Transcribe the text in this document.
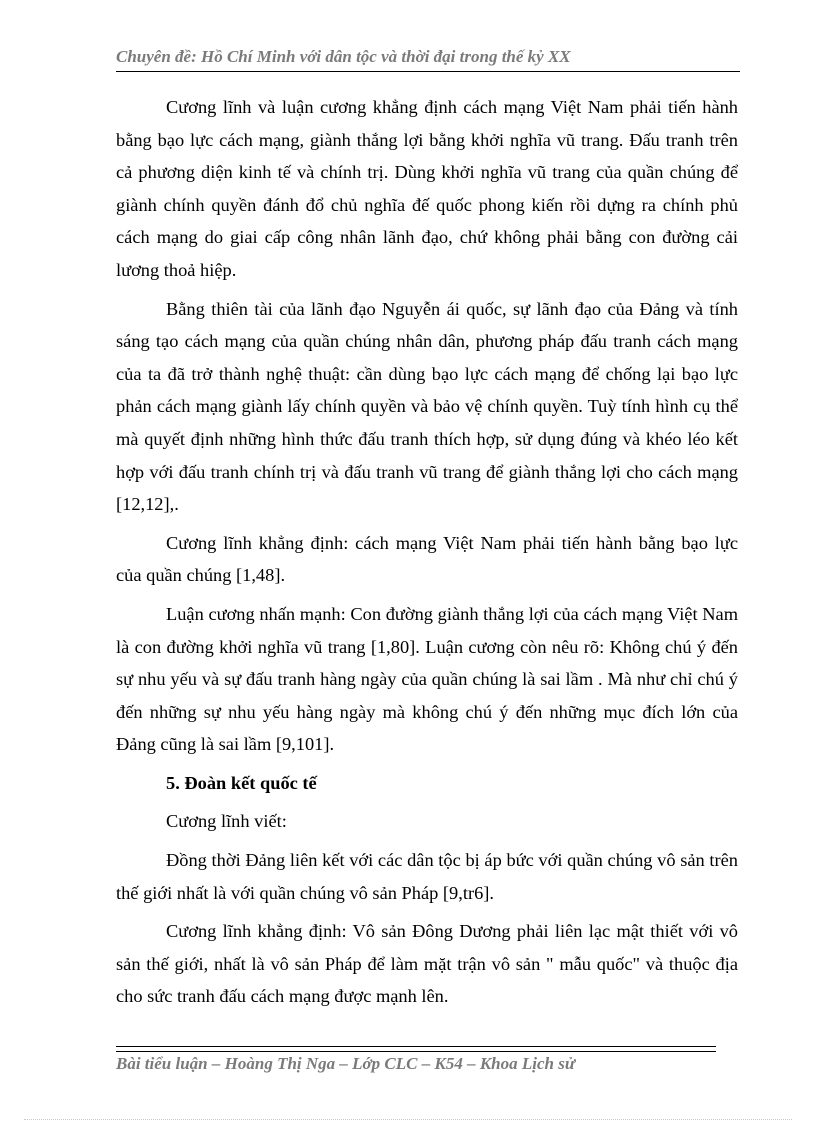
Chuyên đề: Hồ Chí Minh với dân tộc và thời đại trong thế kỷ XX

Cương lĩnh và luận cương khẳng định cách mạng Việt Nam phải tiến hành bằng bạo lực cách mạng, giành thắng lợi bằng khởi nghĩa vũ trang. Đấu tranh trên cả phương diện kinh tế và chính trị. Dùng khởi nghĩa vũ trang của quần chúng để giành chính quyền đánh đổ chủ nghĩa đế quốc phong kiến rồi dựng ra chính phủ cách mạng do giai cấp công nhân lãnh đạo, chứ không phải bằng con đường cải lương thoả hiệp.

Bằng thiên tài của lãnh đạo Nguyễn ái quốc, sự lãnh đạo của Đảng và tính sáng tạo cách mạng của quần chúng nhân dân, phương pháp đấu tranh cách mạng của ta đã trở thành nghệ thuật: cần dùng bạo lực cách mạng để chống lại bạo lực phản cách mạng giành lấy chính quyền và bảo vệ chính quyền. Tuỳ tính hình cụ thể mà quyết định những hình thức đấu tranh thích hợp, sử dụng đúng và khéo léo kết hợp với đấu tranh chính trị và đấu tranh vũ trang để giành thắng lợi cho cách mạng [12,12],.

Cương lĩnh khẳng định: cách mạng Việt Nam phải tiến hành bằng bạo lực của quần chúng [1,48].

Luận cương nhấn mạnh: Con đường giành thắng lợi của cách mạng Việt Nam là con đường khởi nghĩa vũ trang [1,80]. Luận cương còn nêu rõ: Không chú ý đến sự nhu yếu và sự đấu tranh hàng ngày của quần chúng là sai lầm . Mà như chỉ chú ý đến những sự nhu yếu hàng ngày mà không chú ý đến những mục đích lớn của Đảng cũng là sai lầm [9,101].

5. Đoàn kết quốc tế

Cương lĩnh viết:

Đồng thời Đảng liên kết với các dân tộc bị áp bức với quần chúng vô sản trên thế giới nhất là với quần chúng vô sản Pháp [9,tr6].

Cương lĩnh khẳng định: Vô sản Đông Dương phải liên lạc mật thiết với vô sản thế giới, nhất là vô sản Pháp để làm mặt trận vô sản " mẫu quốc" và thuộc địa cho sức tranh đấu cách mạng được mạnh lên.

Bài tiểu luận – Hoàng Thị Nga – Lớp CLC – K54 – Khoa Lịch sử
